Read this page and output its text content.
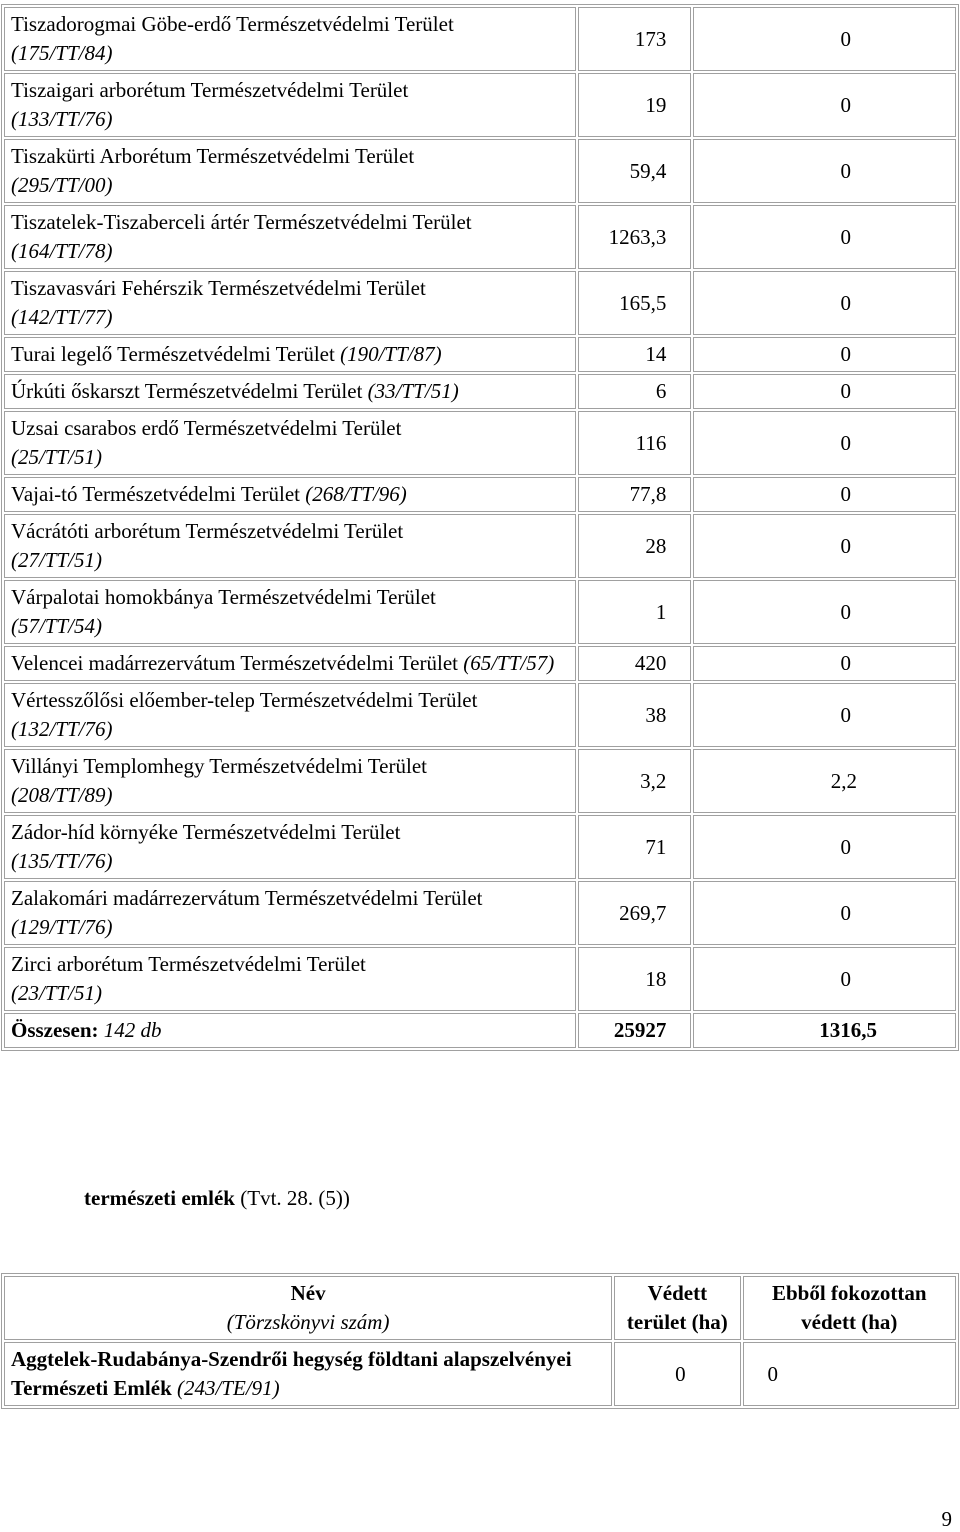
Tiszadorogmai Göbe-erdő Természetvédelmi Terület
(175/TT/84)	173	0
Tiszaigari arborétum Természetvédelmi Terület
(133/TT/76)	19	0
Tiszakürti Arborétum Természetvédelmi Terület
(295/TT/00)	59,4	0
Tiszatelek-Tiszaberceli ártér Természetvédelmi Terület (164/TT/78)	1263,3	0
Tiszavasvári Fehérszik Természetvédelmi Terület
(142/TT/77)	165,5	0
Turai legelő Természetvédelmi Terület (190/TT/87)	14	0
Úrkúti őskarszt Természetvédelmi Terület (33/TT/51)	6	0
Uzsai csarabos erdő Természetvédelmi Terület
(25/TT/51)	116	0
Vajai-tó Természetvédelmi Terület (268/TT/96)	77,8	0
Vácrátóti arborétum Természetvédelmi Terület
(27/TT/51)	28	0
Várpalotai homokbánya Természetvédelmi Terület
(57/TT/54)	1	0
Velencei madárrezervátum Természetvédelmi Terület (65/TT/57)	420	0
Vértesszőlősi előember-telep Természetvédelmi Terület (132/TT/76)	38	0
Villányi Templomhegy Természetvédelmi Terület
(208/TT/89)	3,2	2,2
Zádor-híd környéke Természetvédelmi Terület
(135/TT/76)	71	0
Zalakomári madárrezervátum Természetvédelmi Terület (129/TT/76)	269,7	0
Zirci arborétum Természetvédelmi Terület
(23/TT/51)	18	0
Összesen: 142 db	25927	1316,5
természeti emlék (Tvt. 28. (5))
Név
(Törzskönyvi szám)	Védett terület (ha)	Ebből fokozottan védett (ha)
Aggtelek-Rudabánya-Szendrői hegység földtani alapszelvényei Természeti Emlék (243/TE/91)	0	0
9
